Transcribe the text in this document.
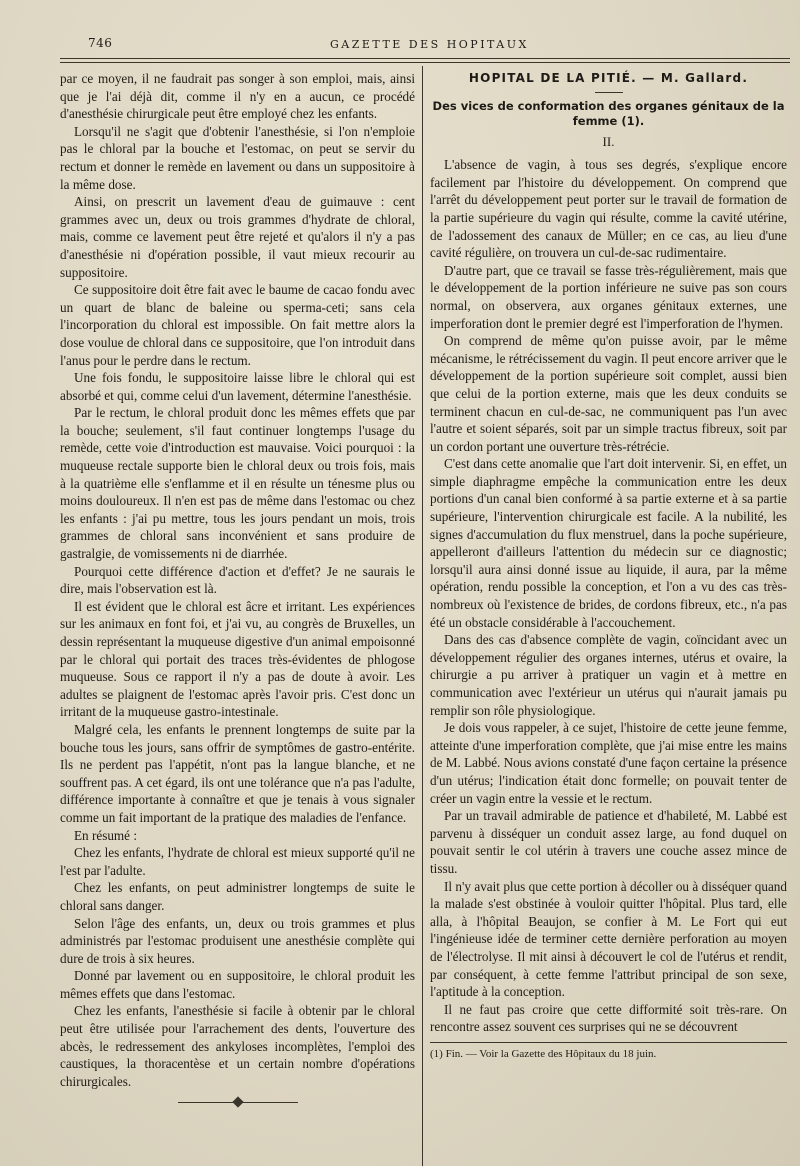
746	GAZETTE DES HOPITAUX

par ce moyen, il ne faudrait pas songer à son emploi, mais, ainsi que je l'ai déjà dit, comme il n'y en a aucun, ce procédé d'anesthésie chirurgicale peut être employé chez les enfants.

Lorsqu'il ne s'agit que d'obtenir l'anesthésie, si l'on n'emploie pas le chloral par la bouche et l'estomac, on peut se servir du rectum et donner le remède en lavement ou dans un suppositoire à la même dose.

Ainsi, on prescrit un lavement d'eau de guimauve : cent grammes avec un, deux ou trois grammes d'hydrate de chloral, mais, comme ce lavement peut être rejeté et qu'alors il n'y a pas d'anesthésie ni d'opération possible, il vaut mieux recourir au suppositoire.

Ce suppositoire doit être fait avec le baume de cacao fondu avec un quart de blanc de baleine ou sperma-ceti; sans cela l'incorporation du chloral est impossible. On fait mettre alors la dose voulue de chloral dans ce suppositoire, que l'on introduit dans l'anus pour le perdre dans le rectum.

Une fois fondu, le suppositoire laisse libre le chloral qui est absorbé et qui, comme celui d'un lavement, détermine l'anesthésie.

Par le rectum, le chloral produit donc les mêmes effets que par la bouche; seulement, s'il faut continuer longtemps l'usage du remède, cette voie d'introduction est mauvaise. Voici pourquoi : la muqueuse rectale supporte bien le chloral deux ou trois fois, mais à la quatrième elle s'enflamme et il en résulte un ténesme plus ou moins douloureux. Il n'en est pas de même dans l'estomac ou chez les enfants : j'ai pu mettre, tous les jours pendant un mois, trois grammes de chloral sans inconvénient et sans produire de gastralgie, de vomissements ni de diarrhée.

Pourquoi cette différence d'action et d'effet? Je ne saurais le dire, mais l'observation est là.

Il est évident que le chloral est âcre et irritant. Les expériences sur les animaux en font foi, et j'ai vu, au congrès de Bruxelles, un dessin représentant la muqueuse digestive d'un animal empoisonné par le chloral qui portait des traces très-évidentes de phlogose muqueuse. Sous ce rapport il n'y a pas de doute à avoir. Les adultes se plaignent de l'estomac après l'avoir pris. C'est donc un irritant de la muqueuse gastro-intestinale.

Malgré cela, les enfants le prennent longtemps de suite par la bouche tous les jours, sans offrir de symptômes de gastro-entérite. Ils ne perdent pas l'appétit, n'ont pas la langue blanche, et ne souffrent pas. A cet égard, ils ont une tolérance que n'a pas l'adulte, différence importante à connaître et que je tenais à vous signaler comme un fait important de la pratique des maladies de l'enfance.

En résumé :

Chez les enfants, l'hydrate de chloral est mieux supporté qu'il ne l'est par l'adulte.

Chez les enfants, on peut administrer longtemps de suite le chloral sans danger.

Selon l'âge des enfants, un, deux ou trois grammes et plus administrés par l'estomac produisent une anesthésie complète qui dure de trois à six heures.

Donné par lavement ou en suppositoire, le chloral produit les mêmes effets que dans l'estomac.

Chez les enfants, l'anesthésie si facile à obtenir par le chloral peut être utilisée pour l'arrachement des dents, l'ouverture des abcès, le redressement des ankyloses incomplètes, l'emploi des caustiques, la thoracentèse et un certain nombre d'opérations chirurgicales.

HOPITAL DE LA PITIÉ. — M. Gallard.
Des vices de conformation des organes génitaux de la femme (1).
II.

L'absence de vagin, à tous ses degrés, s'explique encore facilement par l'histoire du développement. On comprend que l'arrêt du développement peut porter sur le travail de formation de la partie supérieure du vagin qui résulte, comme la cavité utérine, de l'adossement des canaux de Müller; en ce cas, au lieu d'une cavité régulière, on trouvera un cul-de-sac rudimentaire.

D'autre part, que ce travail se fasse très-régulièrement, mais que le développement de la portion inférieure ne suive pas son cours normal, on observera, aux organes génitaux externes, une imperforation dont le premier degré est l'imperforation de l'hymen.

On comprend de même qu'on puisse avoir, par le même mécanisme, le rétrécissement du vagin. Il peut encore arriver que le développement de la portion supérieure soit complet, aussi bien que celui de la portion externe, mais que les deux conduits se terminent chacun en cul-de-sac, ne communiquent pas l'un avec l'autre et soient séparés, soit par un simple tractus fibreux, soit par un cordon portant une ouverture très-rétrécie.

C'est dans cette anomalie que l'art doit intervenir. Si, en effet, un simple diaphragme empêche la communication entre les deux portions d'un canal bien conformé à sa partie externe et à sa partie supérieure, l'intervention chirurgicale est facile. A la nubilité, les signes d'accumulation du flux menstruel, dans la poche supérieure, appelleront d'ailleurs l'attention du médecin sur ce diagnostic; lorsqu'il aura ainsi donné issue au liquide, il aura, par la même opération, rendu possible la conception, et l'on a vu des cas très-nombreux où l'existence de brides, de cordons fibreux, etc., n'a pas été un obstacle considérable à l'accouchement.

Dans des cas d'absence complète de vagin, coïncidant avec un développement régulier des organes internes, utérus et ovaire, la chirurgie a pu arriver à pratiquer un vagin et à mettre en communication avec l'extérieur un utérus qui n'aurait jamais pu remplir son rôle physiologique.

Je dois vous rappeler, à ce sujet, l'histoire de cette jeune femme, atteinte d'une imperforation complète, que j'ai mise entre les mains de M. Labbé. Nous avions constaté d'une façon certaine la présence d'un utérus; l'indication était donc formelle; on pouvait tenter de créer un vagin entre la vessie et le rectum.

Par un travail admirable de patience et d'habileté, M. Labbé est parvenu à disséquer un conduit assez large, au fond duquel on pouvait sentir le col utérin à travers une couche assez mince de tissu.

Il n'y avait plus que cette portion à décoller ou à disséquer quand la malade s'est obstinée à vouloir quitter l'hôpital. Plus tard, elle alla, à l'hôpital Beaujon, se confier à M. Le Fort qui eut l'ingénieuse idée de terminer cette dernière perforation au moyen de l'électrolyse. Il mit ainsi à découvert le col de l'utérus et rendit, par conséquent, à cette femme l'attribut principal de son sexe, l'aptitude à la conception.

Il ne faut pas croire que cette difformité soit très-rare. On rencontre assez souvent ces surprises qui ne se découvrent

(1) Fin. — Voir la Gazette des Hôpitaux du 18 juin.
